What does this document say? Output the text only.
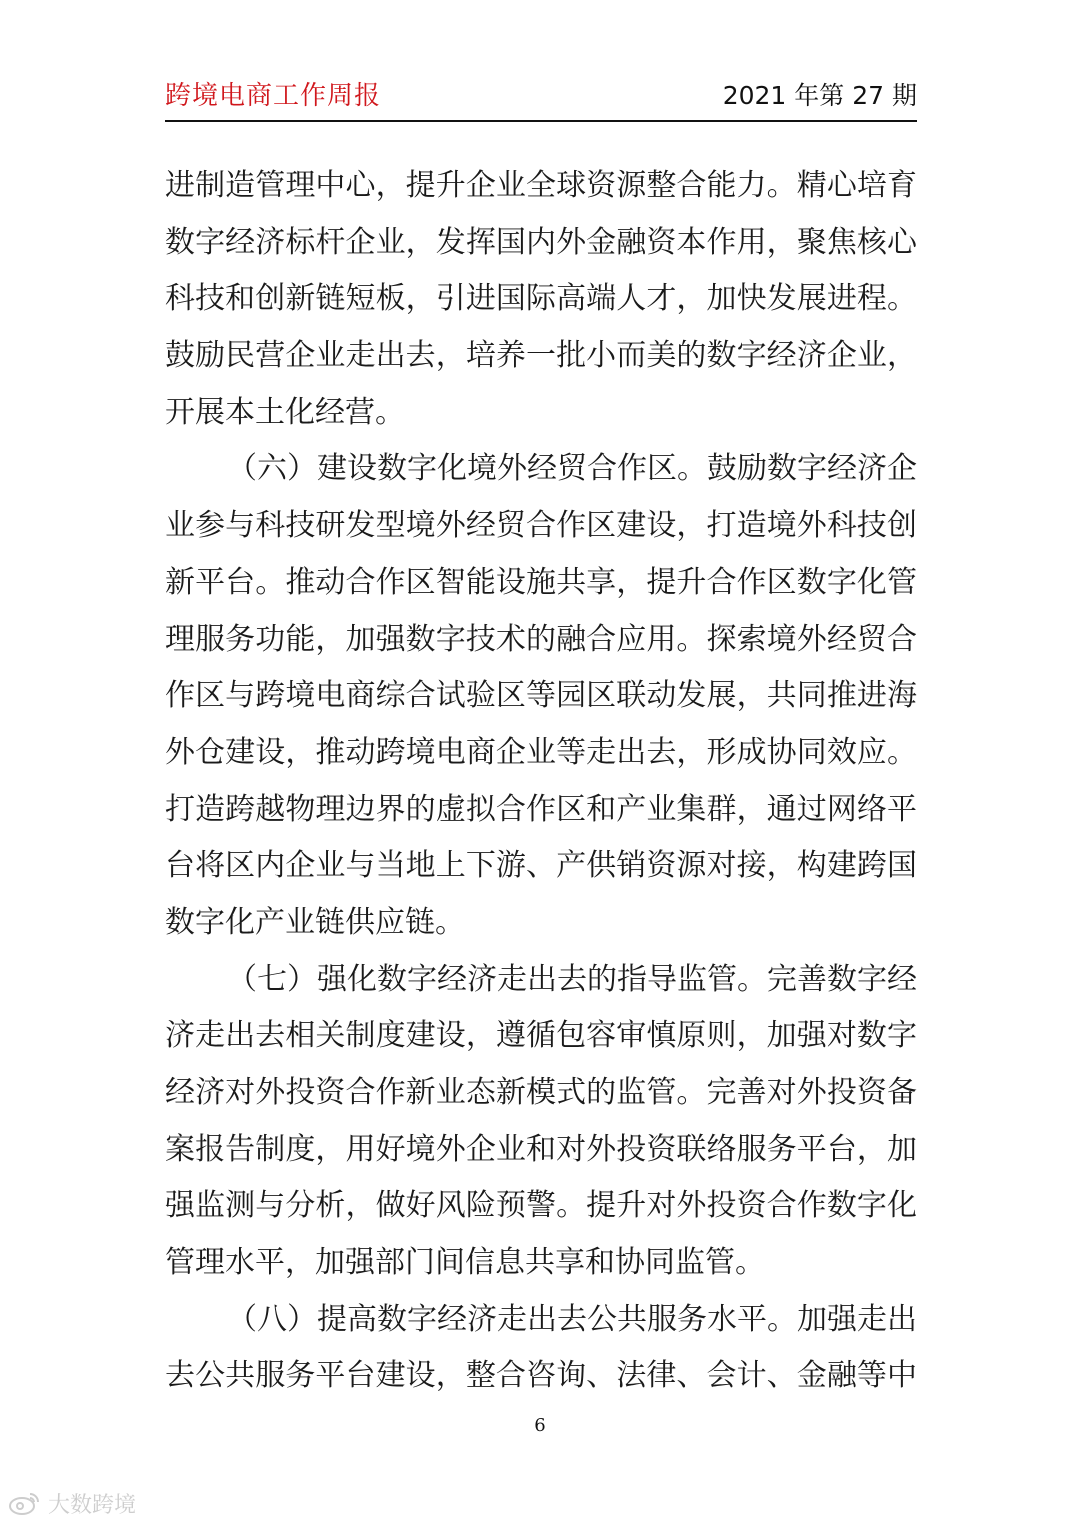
跨境电商工作周报	2021 年第 27 期
进制造管理中心，提升企业全球资源整合能力。精心培育
数字经济标杆企业，发挥国内外金融资本作用，聚焦核心
科技和创新链短板，引进国际高端人才，加快发展进程。
鼓励民营企业走出去，培养一批小而美的数字经济企业，
开展本土化经营。
（六）建设数字化境外经贸合作区。鼓励数字经济企
业参与科技研发型境外经贸合作区建设，打造境外科技创
新平台。推动合作区智能设施共享，提升合作区数字化管
理服务功能，加强数字技术的融合应用。探索境外经贸合
作区与跨境电商综合试验区等园区联动发展，共同推进海
外仓建设，推动跨境电商企业等走出去，形成协同效应。
打造跨越物理边界的虚拟合作区和产业集群，通过网络平
台将区内企业与当地上下游、产供销资源对接，构建跨国
数字化产业链供应链。
（七）强化数字经济走出去的指导监管。完善数字经
济走出去相关制度建设，遵循包容审慎原则，加强对数字
经济对外投资合作新业态新模式的监管。完善对外投资备
案报告制度，用好境外企业和对外投资联络服务平台，加
强监测与分析，做好风险预警。提升对外投资合作数字化
管理水平，加强部门间信息共享和协同监管。
（八）提高数字经济走出去公共服务水平。加强走出
去公共服务平台建设，整合咨询、法律、会计、金融等中
6
大数跨境
